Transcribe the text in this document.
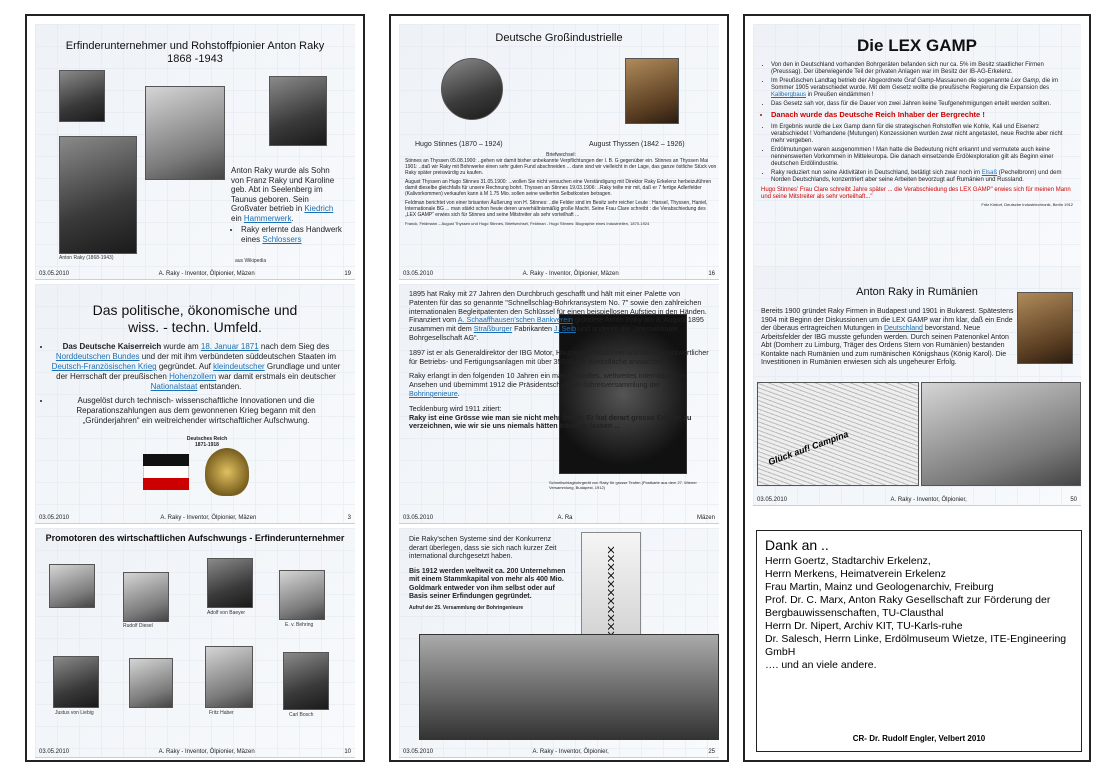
Erfinderunternehmer und Rohstoffpionier Anton Raky
1868 -1943
Anton Raky (1868-1943)
Anton Raky wurde als Sohn von Franz Raky und Karoline geb. Abt in Seelenberg im Taunus geboren. Sein Großvater betrieb in Kiedrich ein Hammerwerk.
• Raky erlernte das Handwerk eines Schlossers
aus Wikipedia
03.05.2010	A. Raky - Inventor, Ölpionier, Mäzen	19
Das politische, ökonomische und
wiss. - techn. Umfeld.
• Das Deutsche Kaiserreich wurde am 18. Januar 1871 nach dem Sieg des Norddeutschen Bundes und der mit ihm verbündeten süddeutschen Staaten im Deutsch-Französischen Krieg gegründet. Auf kleindeutscher Grundlage und unter der Herrschaft der preußischen Hohenzollern war damit erstmals ein deutscher Nationalstaat entstanden.
• Ausgelöst durch technisch- wissenschaftliche Innovationen und die Reparationszahlungen aus dem gewonnenen Krieg begann mit den „Gründerjahren“ ein weitreichender wirtschaftlicher Aufschwung.
Deutsches Reich
1871-1918
03.05.2010	A. Raky - Inventor, Ölpionier, Mäzen	3
Promotoren des wirtschaftlichen Aufschwungs - Erfinderunternehmer
Rudolf Diesel
Adolf von Baeyer
E. v. Behring
Justus von Liebig	Fritz Haber	Carl Bosch
03.05.2010	A. Raky - Inventor, Ölpionier, Mäzen	10
Deutsche Großindustrielle
Hugo Stinnes (1870 – 1924)	August Thyssen (1842 – 1926)
Briefwechsel:
Stinnes an Thyssen 05.08.1900: ..gehen wir damit bisher unbekannte Verpflichtungen der I. B. G gegenüber ein. Stinnes an Thyssen Mai 1901: ..daß wir Raky mit Bohrwerke einen sehr guten Fund abschneiden ... dann sind wir vielleicht in der Lage, das ganze östliche Stück von Raky später preiswürdig zu kaufen.
August Thyssen an Hugo Stinnes 31.05.1900: ...wollen Sie nicht versuchen eine Verständigung mit Direktor Raky Erkelenz herbeizuführen damit dieselbe gleichfalls für unsere Rechnung bohrt. Thyssen an Stinnes 19.03.1906: ..Raky teilte mir mit, daß er 7 fertige Adlerfelder (Kalivorkommen) verkaufen kann à M 1.75 Mio. sollen seine welterhin Selbstkosten betragen.
Feldman berichtet von einer brisanten Äußerung von H. Stinnes: ..die Felder sind im Besitz sehr reicher Leute : Hansel, Thyssen, Haniel, Internationale BG ... man stärkt schon heute deren unverhältnismäßig große Macht. Seine Frau Clare schreibt : die Verabschiedung des „LEX GAMP“ erwies sich für Stinnes und seine Mitstreiter als sehr vorteilhaft ...
Franck, Feldmann – August Thyssen und Hugo Stinnes, Briefwechsel, Feldman - Hugo Stinnes: Biographie eines Industriellen, 1870-1924
03.05.2010	A. Raky - Inventor, Ölpionier, Mäzen	16
1895 hat Raky mit 27 Jahren den Durchbruch geschafft und hält mit einer Palette von Patenten für das so genannte "Schnellschlag-Bohrkransystem No. 7" sowie den zahlreichen internationalen Begleitpatenten den Schlüssel für einen beispiellosen Aufstieg in den Händen. Finanziert vom A. Schaaffhausen'schen Bankverein gründete Anton Raky am 8. August 1895 zusammen mit dem Straßburger Fabrikanten J. Seib und anderen die „Internationale Bohrgesellschaft AG“.
1897 ist er als Generaldirektor der IBG Motor, Hauptgeschäftsführer und Alleinverantwortlicher für Betriebs- und Fertigungsanlagen mit über 35000 qm Werksfläche anwachsen.
Raky erlangt in den folgenden 10 Jahren ein märchenhaftes, weltweites internationales Ansehen und übernimmt 1912 die Präsidentschaft der Jahresversammlung der Bohringenieure.
Tecklenburg wird 1911 zitiert:
Raky ist eine Grösse wie man sie nicht mehr findet. Er hat derart grosse Erfolge zu verzeichnen, wie wir sie uns niemals hätten träumen lassen ...
Schnellschlagbohrgerät von Raky für grosse Teufen (Postkarte aus dem 27. Wiener Versammlung, Budapest, 1912)
03.05.2010	A. Ra	Mäzen
Die Raky'schen Systeme sind der Konkurrenz derart überlegen, dass sie sich nach kurzer Zeit international durchgesetzt haben.
Bis 1912 werden weltweit ca. 200 Unternehmen mit einem Stammkapital von mehr als 400 Mio. Goldmark entweder von ihm selbst oder auf Basis seiner Erfindungen gegründet.
Aufruf der 25. Versammlung der Bohringenieure
03.05.2010	A. Raky - Inventor, Ölpionier,	25
Die LEX GAMP
• Von den in Deutschland vorhanden Bohrgeräten befanden sich nur ca. 5% im Besitz staatlicher Firmen (Preussag). Der überwiegende Teil der privaten Anlagen war im Besitz der IB-AG-Erkelenz.
• Im Preußischen Landtag betrieb der Abgeordnete Graf Gamp-Massaunen die sogenannte Lex Gamp, die im Sommer 1905 verabschiedet wurde. Mit dem Gesetz wollte die preußische Regierung die Expansion des Kalibergbaus in Preußen eindämmen !
• Das Gesetz sah vor, dass für die Dauer von zwei Jahren keine Teufgenehmigungen erteilt werden sollten.
• Danach wurde das Deutsche Reich Inhaber der Bergrechte !
• Im Ergebnis wurde die Lex Gamp dann für die strategischen Rohstoffen wie Kohle, Kali und Eisenerz verabschiedet ! Vorhandene (Mutungen) Konzessionen wurden zwar nicht angetastet, neue Rechte aber nicht mehr vergeben.
• Erdölmutungen waren ausgenommen ! Man hatte die Bedeutung nicht erkannt und vermutete auch keine nennenswerten Vorkommen in Mitteleuropa. Die danach einsetzende Erdölexploration gilt als Beginn einer deutschen Erdölindustrie.
• Raky reduziert nun seine Aktivitäten in Deutschland, betätigt sich zwar noch im Elsaß (Pechelbronn) und dem Norden Deutschlands, konzentriert aber seine Arbeiten bevorzugt auf Rumänien und Russland.
Hugo Stinnes' Frau Clare schreibt Jahre später ... die Verabschiedung des LEX GAMP" erwies sich für meinen Mann und seine Mitstreiter als sehr vorteilhaft..."
Fritz Kirdorf, Deutsche Industriechronik, Berlin 1912
Anton Raky in Rumänien
Bereits 1900 gründet Raky Firmen in Budapest und 1901 in Bukarest. Spätestens 1904 mit Beginn der Diskussionen um die LEX GAMP war ihm klar, daß ein Ende der überaus ertragreichen Mutungen in Deutschland bevorstand. Neue Arbeitsfelder der IBG musste gefunden werden. Durch seinen Patenonkel Anton Abt (Domherr zu Limburg, Träger des Ordens Stern von Rumänien) bestanden Kontakte nach Rumänien und zum rumänischen Königshaus (König Karol). Die Investitionen in Rumänien erwiesen sich als ungeheurer Erfolg.
Glück auf! Campina
03.05.2010	A. Raky - Inventor, Ölpionier,	50
Dank an ..

Herrn Goertz, Stadtarchiv Erkelenz,

Herrn Merkens, Heimatverein Erkelenz

Frau Martin, Mainz und Geologenarchiv, Freiburg

Prof. Dr. C. Marx, Anton Raky Gesellschaft zur Förderung der Bergbauwissenschaften, TU-Clausthal

Herrn Dr. Nipert, Archiv KIT, TU-Karls-ruhe

Dr. Salesch, Herrn Linke, Erdölmuseum Wietze, ITE-Engineering GmbH

…. und an viele andere.

CR- Dr. Rudolf Engler, Velbert 2010
